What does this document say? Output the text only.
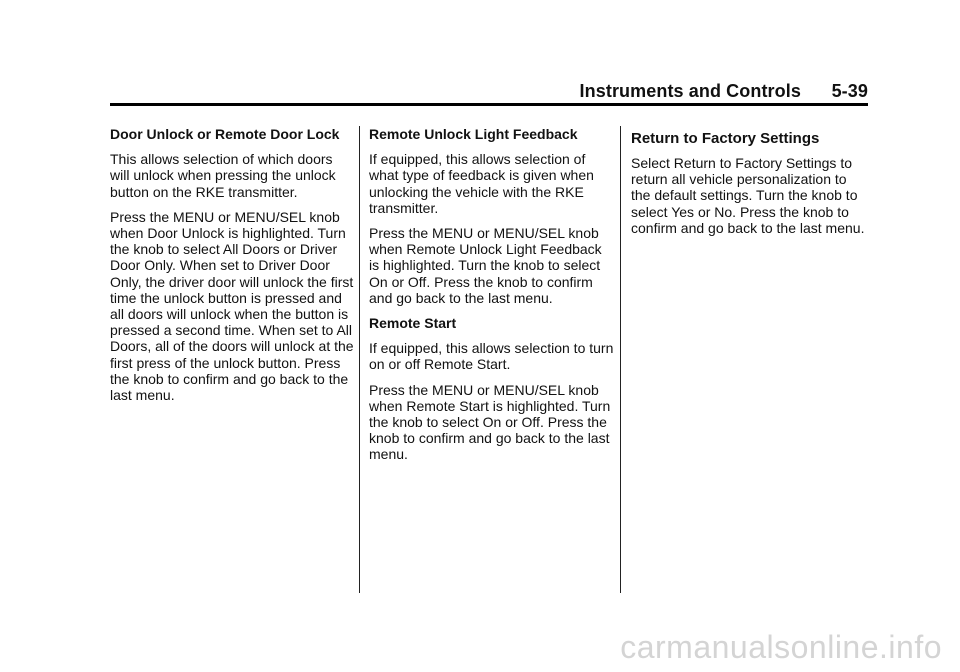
Instruments and Controls      5-39

Door Unlock or Remote Door Lock

This allows selection of which doors will unlock when pressing the unlock button on the RKE transmitter.

Press the MENU or MENU/SEL knob when Door Unlock is highlighted. Turn the knob to select All Doors or Driver Door Only. When set to Driver Door Only, the driver door will unlock the first time the unlock button is pressed and all doors will unlock when the button is pressed a second time. When set to All Doors, all of the doors will unlock at the first press of the unlock button. Press the knob to confirm and go back to the last menu.

Remote Unlock Light Feedback

If equipped, this allows selection of what type of feedback is given when unlocking the vehicle with the RKE transmitter.

Press the MENU or MENU/SEL knob when Remote Unlock Light Feedback is highlighted. Turn the knob to select On or Off. Press the knob to confirm and go back to the last menu.

Remote Start

If equipped, this allows selection to turn on or off Remote Start.

Press the MENU or MENU/SEL knob when Remote Start is highlighted. Turn the knob to select On or Off. Press the knob to confirm and go back to the last menu.

Return to Factory Settings

Select Return to Factory Settings to return all vehicle personalization to the default settings. Turn the knob to select Yes or No. Press the knob to confirm and go back to the last menu.

carmanualsonline.info
